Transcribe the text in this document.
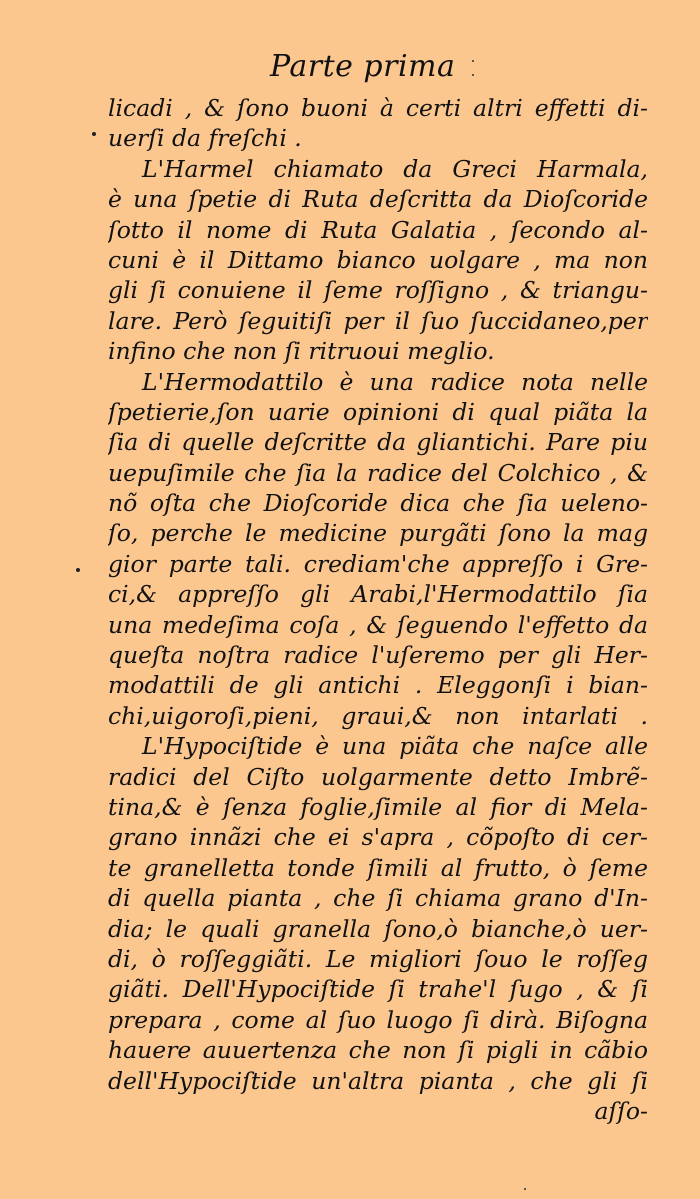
Parte prima
licadi , & ſono buoni à certi altri effetti di-
uerſi da freſchi .
L'Harmel chiamato da Greci Harmala,
è una ſpetie di Ruta deſcritta da Dioſcoride
ſotto il nome di Ruta Galatia , ſecondo al-
cuni è il Dittamo bianco uolgare , ma non
gli ſi conuiene il ſeme roſſigno , & triangu-
lare. Però ſeguitiſi per il ſuo ſuccidaneo,per
infino che non ſi ritruoui meglio.
L'Hermodattilo è una radice nota nelle
ſpetierie,ſon uarie opinioni di qual piãta la
ſia di quelle deſcritte da gliantichi. Pare piu
uериſimile che ſia la radice del Colchico , &
nõ oſta che Dioſcoride dica che ſia ueleno-
ſo, perche le medicine purgãti ſono la mag
gior parte tali. crediam'che appreſſo i Gre-
ci,& appreſſo gli Arabi,l'Hermodattilo ſia
una medeſima coſa , & ſeguendo l'effetto da
queſta noſtra radice l'uſeremo per gli Her-
modattili de gli antichi . Eleggonſi i bian-
chi,uigoroſi,pieni, graui,& non intarlati .
L'Hypociſtide è una piãta che naſce alle
radici del Ciſto uolgarmente detto Imbrẽ-
tina,& è ſenza foglie,ſimile al fior di Mela-
grano innãzi che ei s'apra , cõpoſto di cer-
te granelletta tonde ſimili al frutto, ò ſeme
di quella pianta , che ſi chiama grano d'In-
dia; le quali granella ſono,ò bianche,ò uer-
di, ò roſſeggiãti. Le migliori ſouo le roſſeg
giãti. Dell'Hypociſtide ſi trahe'l ſugo , & ſi
prepara , come al ſuo luogo ſi dirà. Biſogna
hauere auuertenza che non ſi pigli in cãbio
dell'Hypociſtide un'altra pianta , che gli ſi
aſſo-
